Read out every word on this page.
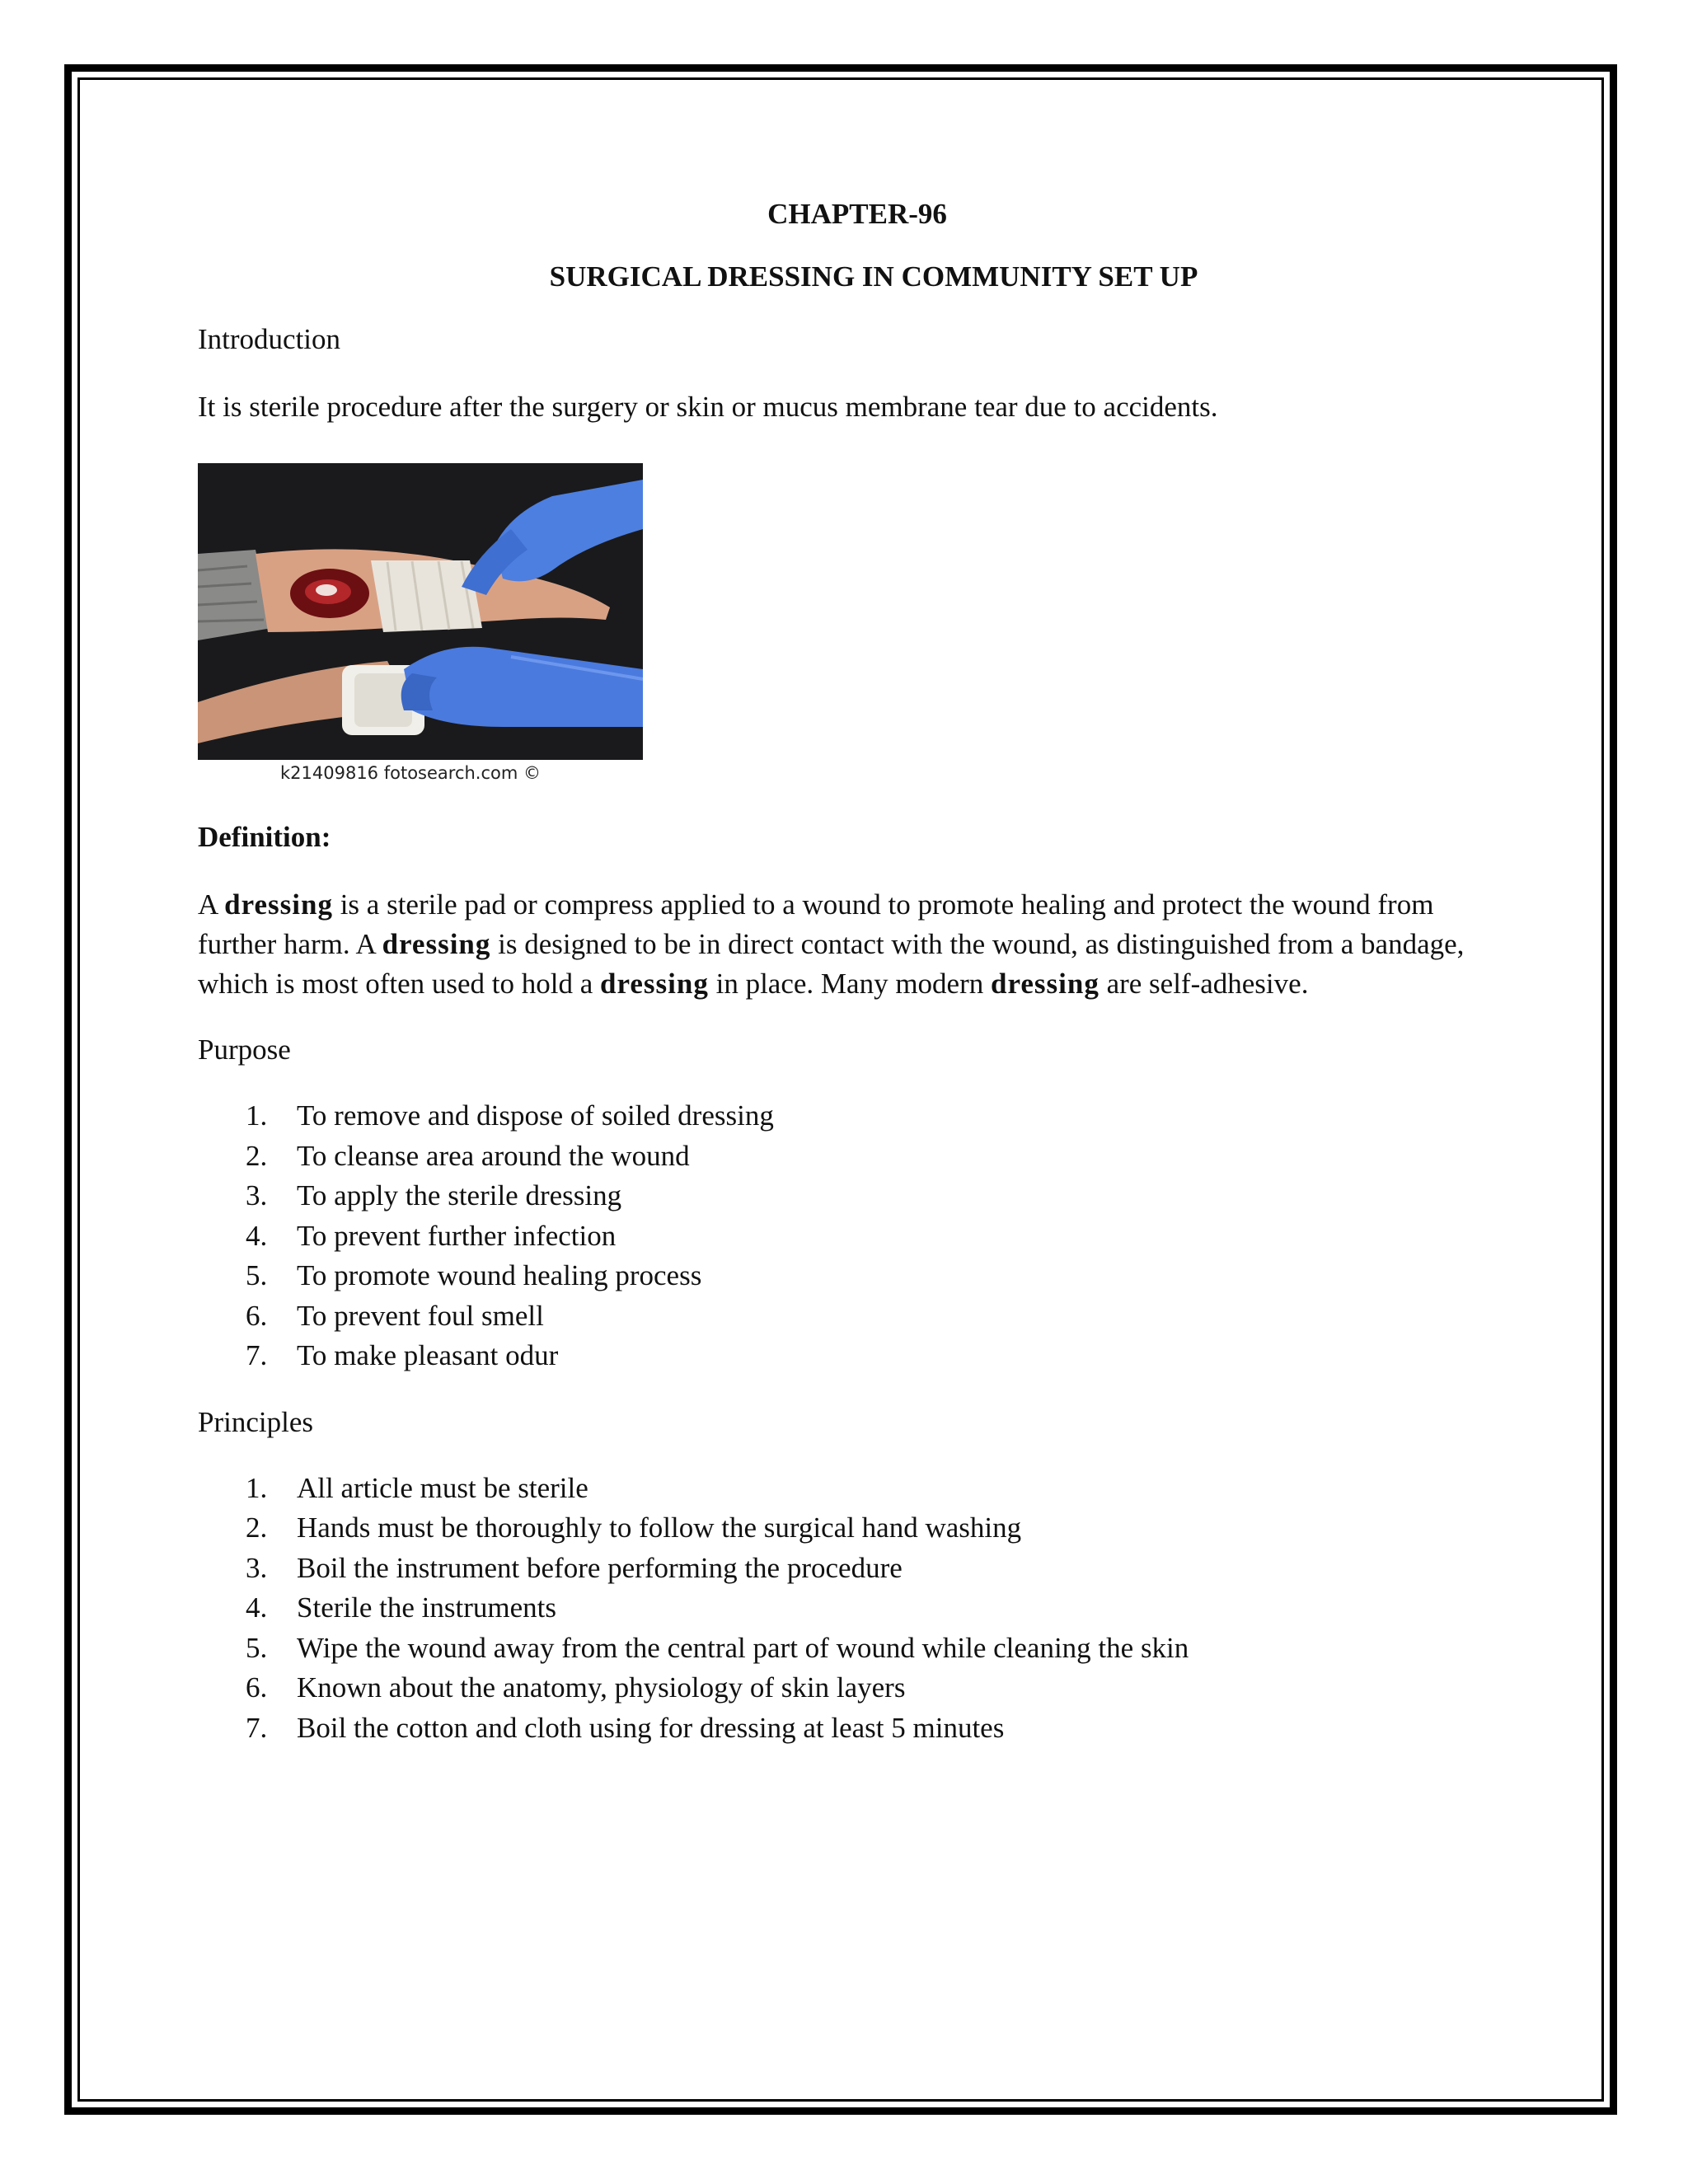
CHAPTER-96
SURGICAL DRESSING IN COMMUNITY SET UP

Introduction

It is sterile procedure after the surgery or skin or mucus membrane tear due to accidents.

k21409816 fotosearch.com ©

Definition:

A dressing is a sterile pad or compress applied to a wound to promote healing and protect the wound from further harm. A dressing is designed to be in direct contact with the wound, as distinguished from a bandage, which is most often used to hold a dressing in place. Many modern dressing are self-adhesive.

Purpose

1.	To remove and dispose of soiled dressing
2.	To cleanse area around the wound
3.	To apply the sterile dressing
4.	To prevent further infection
5.	To promote wound healing process
6.	To prevent foul smell
7.	To make pleasant odur

Principles

1.	All article must be sterile
2.	Hands must be thoroughly to follow the surgical hand washing
3.	Boil the instrument before performing the procedure
4.	Sterile the instruments
5.	Wipe the wound away from the central part of wound while cleaning the skin
6.	Known about the anatomy, physiology of skin layers
7.	Boil the cotton and cloth using for dressing at least 5 minutes
